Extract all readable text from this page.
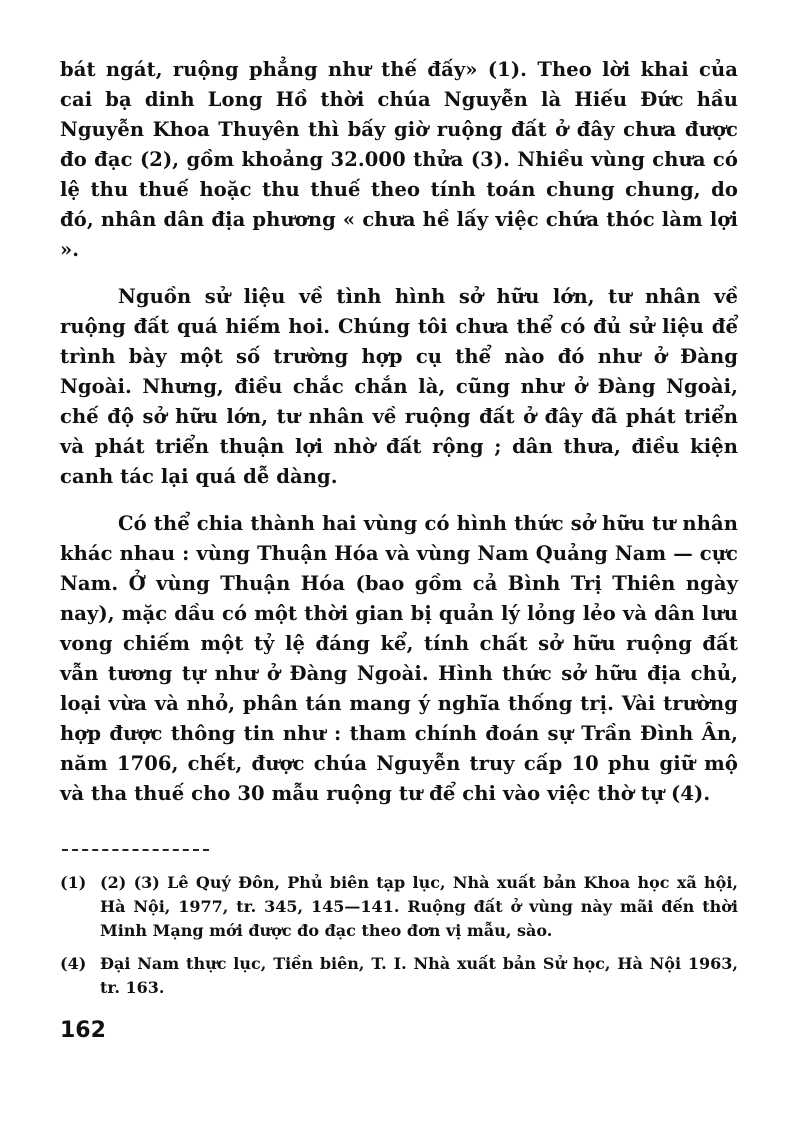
bát ngát, ruộng phẳng như thế đấy» (1). Theo lời khai của cai bạ dinh Long Hồ thời chúa Nguyễn là Hiếu Đức hầu Nguyễn Khoa Thuyên thì bấy giờ ruộng đất ở đây chưa được đo đạc (2), gồm khoảng 32.000 thửa (3). Nhiều vùng chưa có lệ thu thuế hoặc thu thuế theo tính toán chung chung, do đó, nhân dân địa phương « chưa hề lấy việc chứa thóc làm lợi ».

Nguồn sử liệu về tình hình sở hữu lớn, tư nhân về ruộng đất quá hiếm hoi. Chúng tôi chưa thể có đủ sử liệu để trình bày một số trường hợp cụ thể nào đó như ở Đàng Ngoài. Nhưng, điều chắc chắn là, cũng như ở Đàng Ngoài, chế độ sở hữu lớn, tư nhân về ruộng đất ở đây đã phát triển và phát triển thuận lợi nhờ đất rộng ; dân thưa, điều kiện canh tác lại quá dễ dàng.

Có thể chia thành hai vùng có hình thức sở hữu tư nhân khác nhau : vùng Thuận Hóa và vùng Nam Quảng Nam — cực Nam. Ở vùng Thuận Hóa (bao gồm cả Bình Trị Thiên ngày nay), mặc dầu có một thời gian bị quản lý lỏng lẻo và dân lưu vong chiếm một tỷ lệ đáng kể, tính chất sở hữu ruộng đất vẫn tương tự như ở Đàng Ngoài. Hình thức sở hữu địa chủ, loại vừa và nhỏ, phân tán mang ý nghĩa thống trị. Vài trường hợp được thông tin như : tham chính đoán sự Trần Đình Ân, năm 1706, chết, được chúa Nguyễn truy cấp 10 phu giữ mộ và tha thuế cho 30 mẫu ruộng tư để chi vào việc thờ tự (4).

(1) (2) (3) Lê Quý Đôn, Phủ biên tạp lục, Nhà xuất bản Khoa học xã hội, Hà Nội, 1977, tr. 345, 145—141. Ruộng đất ở vùng này mãi đến thời Minh Mạng mới được đo đạc theo đơn vị mẫu, sào.
(4) Đại Nam thực lục, Tiền biên, T. I. Nhà xuất bản Sử học, Hà Nội 1963, tr. 163.
162
